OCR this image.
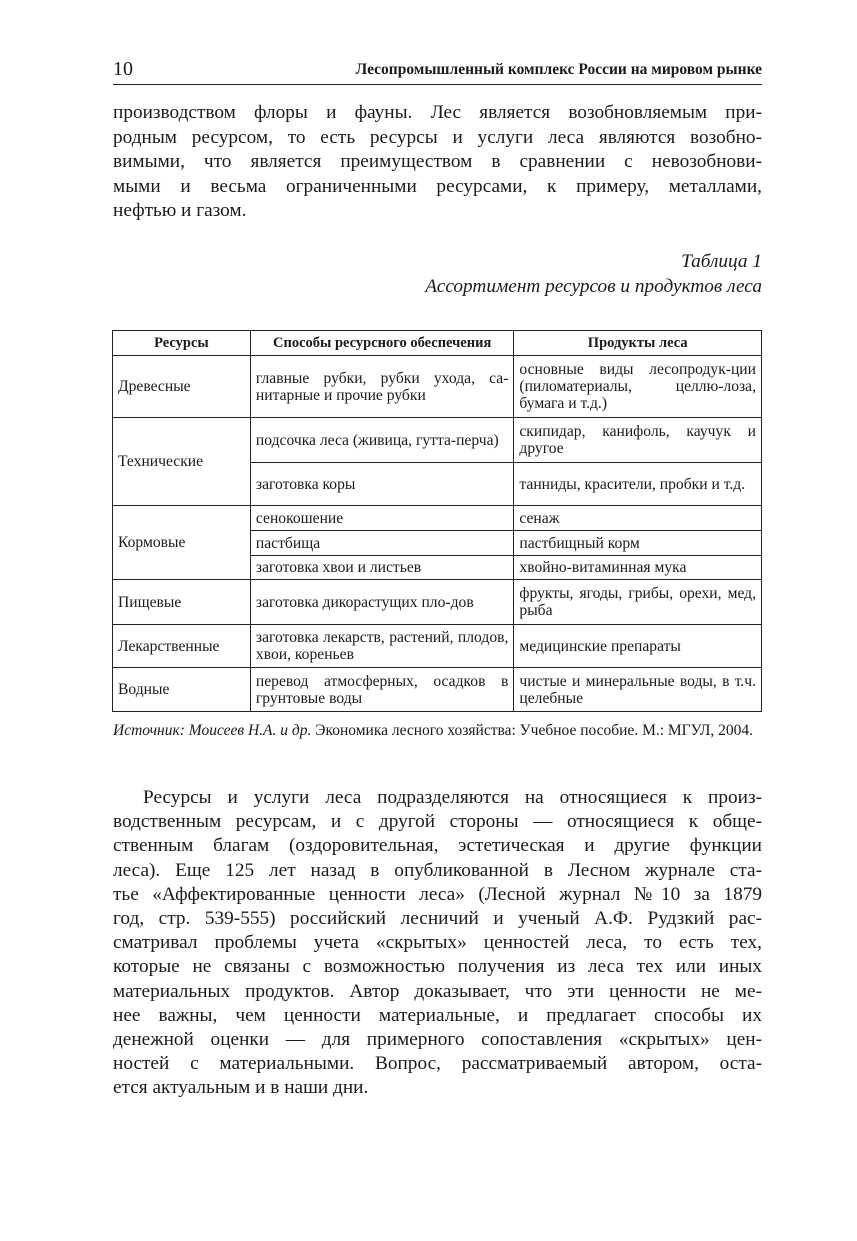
10	Лесопромышленный комплекс России на мировом рынке
производством флоры и фауны. Лес является возобновляемым при-
родным ресурсом, то есть ресурсы и услуги леса являются возобно-
вимыми, что является преимуществом в сравнении с невозобнови-
мыми и весьма ограниченными ресурсами, к примеру, металлами,
нефтью и газом.
Таблица 1
Ассортимент ресурсов и продуктов леса
Ресурсы	Способы ресурсного обеспечения	Продукты леса
Древесные	главные рубки, рубки ухода, са-нитарные и прочие рубки	основные виды лесопродук-ции (пиломатериалы, целлю-лоза, бумага и т.д.)
Технические	подсочка леса (живица, гутта-перча)	скипидар, канифоль, каучук и другое
	заготовка коры	танниды, красители, пробки и т.д.
Кормовые	сенокошение	сенаж
	пастбища	пастбищный корм
	заготовка хвои и листьев	хвойно-витаминная мука
Пищевые	заготовка дикорастущих пло-дов	фрукты, ягоды, грибы, орехи, мед, рыба
Лекарственные	заготовка лекарств, растений, плодов, хвои, кореньев	медицинские препараты
Водные	перевод атмосферных, осадков в грунтовые воды	чистые и минеральные воды, в т.ч. целебные
Источник: Моисеев Н.А. и др. Экономика лесного хозяйства: Учебное пособие. М.: МГУЛ, 2004.
Ресурсы и услуги леса подразделяются на относящиеся к произ-
водственным ресурсам, и с другой стороны — относящиеся к обще-
ственным благам (оздоровительная, эстетическая и другие функции
леса). Еще 125 лет назад в опубликованной в Лесном журнале ста-
тье «Аффектированные ценности леса» (Лесной журнал №10 за 1879
год, стр. 539-555) российский лесничий и ученый А.Ф. Рудзкий рас-
сматривал проблемы учета «скрытых» ценностей леса, то есть тех,
которые не связаны с возможностью получения из леса тех или иных
материальных продуктов. Автор доказывает, что эти ценности не ме-
нее важны, чем ценности материальные, и предлагает способы их
денежной оценки — для примерного сопоставления «скрытых» цен-
ностей с материальными. Вопрос, рассматриваемый автором, оста-
ется актуальным и в наши дни.
